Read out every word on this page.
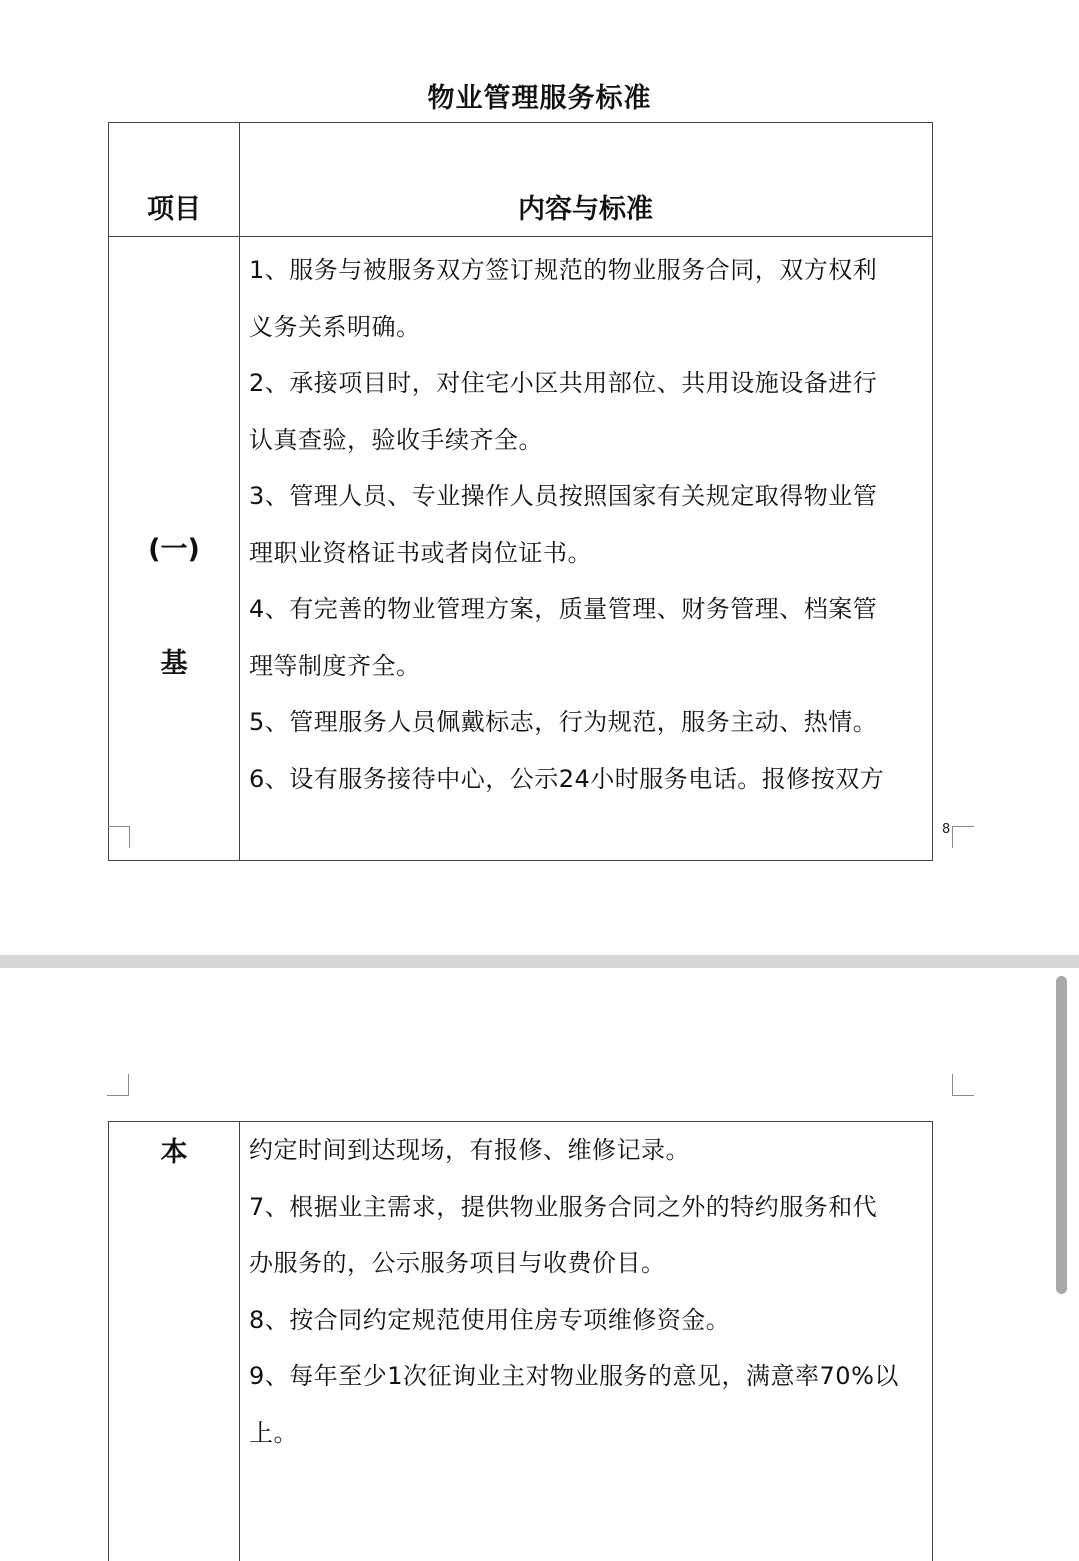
物业管理服务标准
项目	内容与标准
(一)
基
1、服务与被服务双方签订规范的物业服务合同，双方权利
义务关系明确。
2、承接项目时，对住宅小区共用部位、共用设施设备进行
认真查验，验收手续齐全。
3、管理人员、专业操作人员按照国家有关规定取得物业管
理职业资格证书或者岗位证书。
4、有完善的物业管理方案，质量管理、财务管理、档案管
理等制度齐全。
5、管理服务人员佩戴标志，行为规范，服务主动、热情。
6、设有服务接待中心，公示24小时服务电话。报修按双方
8
本	约定时间到达现场，有报修、维修记录。
7、根据业主需求，提供物业服务合同之外的特约服务和代
办服务的，公示服务项目与收费价目。
8、按合同约定规范使用住房专项维修资金。
9、每年至少1次征询业主对物业服务的意见，满意率70%以
上。
